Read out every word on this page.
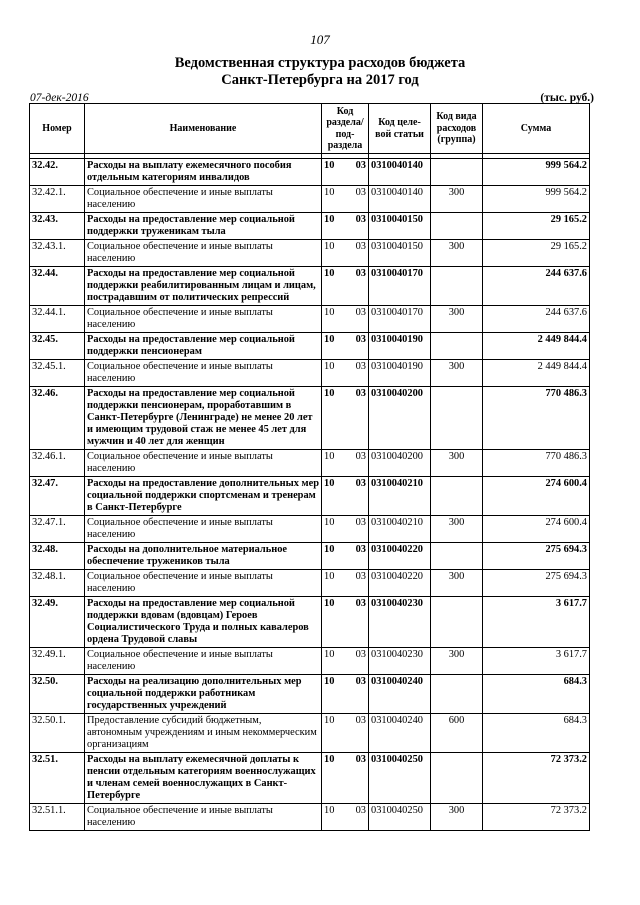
107
Ведомственная структура расходов бюджета
Санкт-Петербурга на 2017 год
07-дек-2016	(тыс. руб.)
Номер	Наименование	Код раздела/ под- раздела	Код целе- вой статьи	Код вида расходов (группа)	Сумма

32.42.	Расходы на выплату ежемесячного пособия отдельным категориям инвалидов	10 03	0310040140		999 564.2
32.42.1.	Социальное обеспечение и иные выплаты населению	10 03	0310040140	300	999 564.2
32.43.	Расходы на предоставление мер социальной поддержки труженикам тыла	10 03	0310040150		29 165.2
32.43.1.	Социальное обеспечение и иные выплаты населению	10 03	0310040150	300	29 165.2
32.44.	Расходы на предоставление мер социальной поддержки реабилитированным лицам и лицам, пострадавшим от политических репрессий	10 03	0310040170		244 637.6
32.44.1.	Социальное обеспечение и иные выплаты населению	10 03	0310040170	300	244 637.6
32.45.	Расходы на предоставление мер социальной поддержки пенсионерам	10 03	0310040190		2 449 844.4
32.45.1.	Социальное обеспечение и иные выплаты населению	10 03	0310040190	300	2 449 844.4
32.46.	Расходы на предоставление мер социальной поддержки пенсионерам, проработавшим в Санкт-Петербурге (Ленинграде) не менее 20 лет и имеющим трудовой стаж не менее 45 лет для мужчин и 40 лет для женщин	10 03	0310040200		770 486.3
32.46.1.	Социальное обеспечение и иные выплаты населению	10 03	0310040200	300	770 486.3
32.47.	Расходы на предоставление дополнительных мер социальной поддержки спортсменам и тренерам в Санкт-Петербурге	10 03	0310040210		274 600.4
32.47.1.	Социальное обеспечение и иные выплаты населению	10 03	0310040210	300	274 600.4
32.48.	Расходы на дополнительное материальное обеспечение тружеников тыла	10 03	0310040220		275 694.3
32.48.1.	Социальное обеспечение и иные выплаты населению	10 03	0310040220	300	275 694.3
32.49.	Расходы на предоставление мер социальной поддержки вдовам (вдовцам) Героев Социалистического Труда и полных кавалеров ордена Трудовой славы	10 03	0310040230		3 617.7
32.49.1.	Социальное обеспечение и иные выплаты населению	10 03	0310040230	300	3 617.7
32.50.	Расходы на реализацию дополнительных мер социальной поддержки работникам государственных учреждений	10 03	0310040240		684.3
32.50.1.	Предоставление субсидий бюджетным, автономным учреждениям и иным некоммерческим организациям	10 03	0310040240	600	684.3
32.51.	Расходы на выплату ежемесячной доплаты к пенсии отдельным категориям военнослужащих и членам семей военнослужащих в Санкт-Петербурге	10 03	0310040250		72 373.2
32.51.1.	Социальное обеспечение и иные выплаты населению	10 03	0310040250	300	72 373.2
